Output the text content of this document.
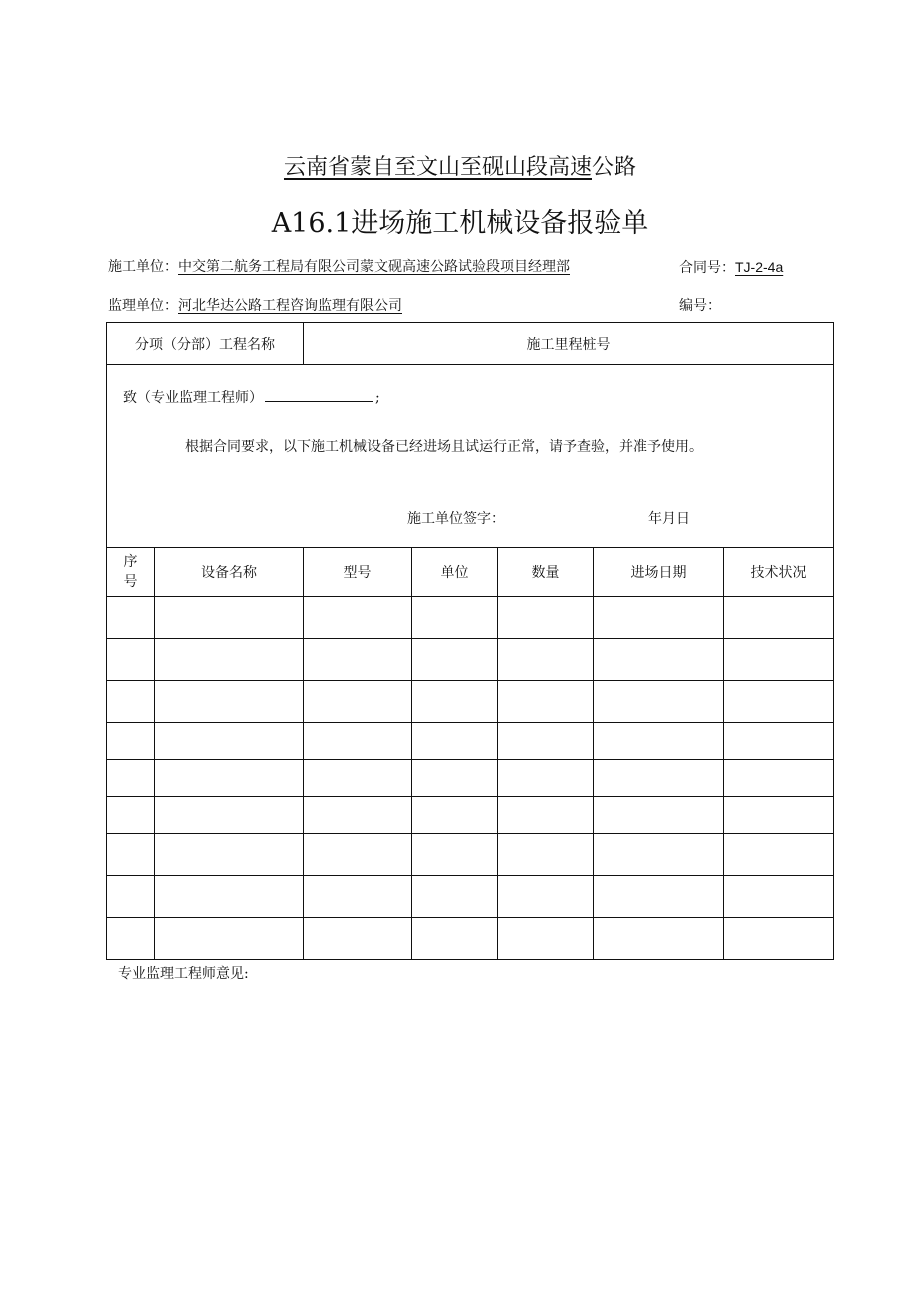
云南省蒙自至文山至砚山段高速公路
A16.1进场施工机械设备报验单
施工单位：中交第二航务工程局有限公司蒙文砚高速公路试验段项目经理部	合同号：TJ-2-4a
监理单位：河北华达公路工程咨询监理有限公司	编号：
分项（分部）工程名称		施工里程桩号				

致（专业监理工程师） ;
根据合同要求，以下施工机械设备已经进场且试运行正常，请予查验，并准予使用。
施工单位签字： 年月日						

序
号	设备名称	型号	单位	数量	进场日期	技术状况

专业监理工程师意见:
